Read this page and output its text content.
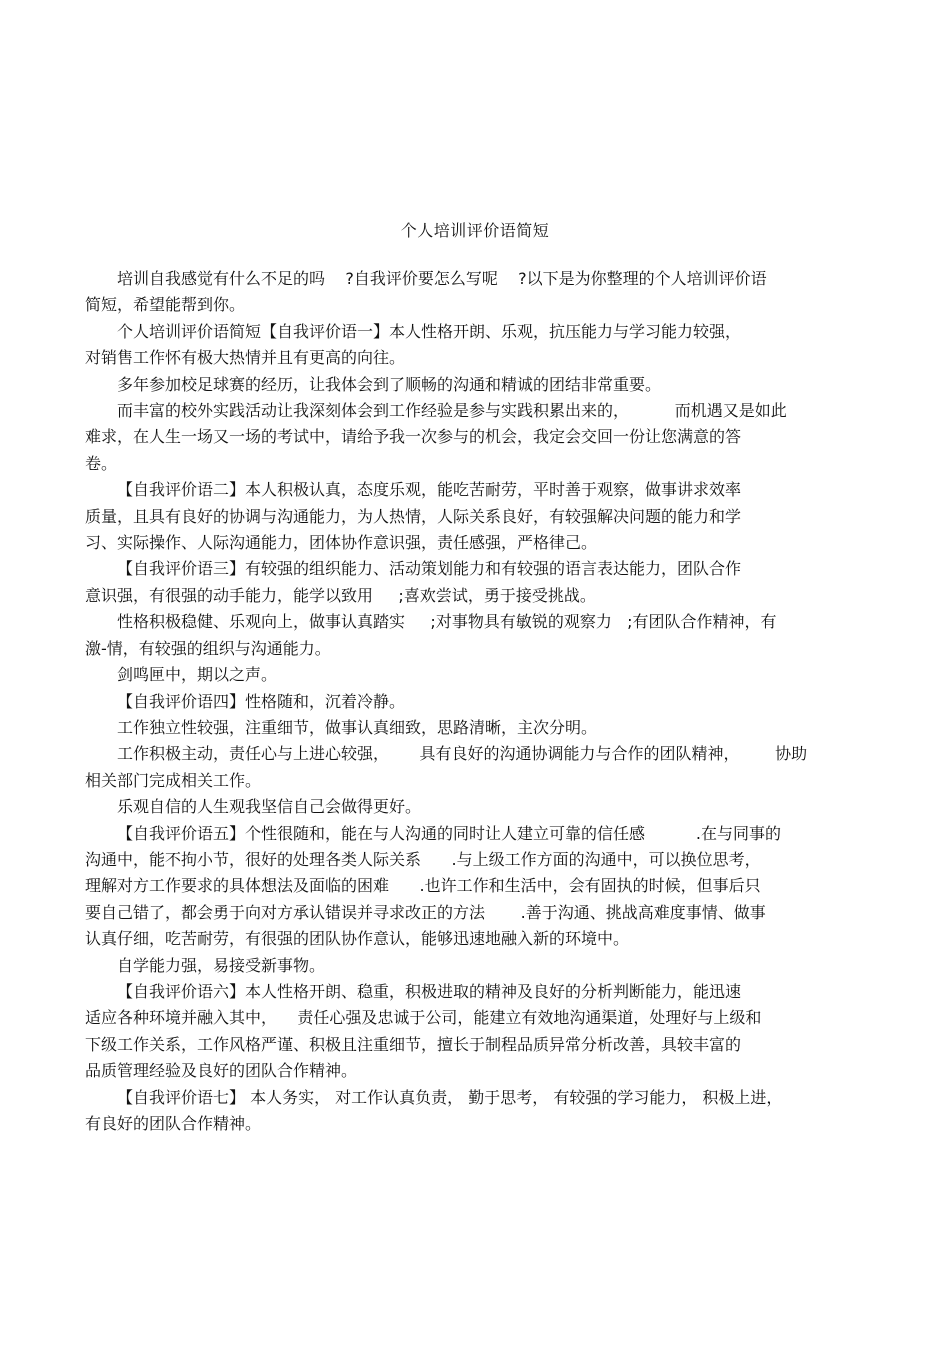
个人培训评价语简短

培训自我感觉有什么不足的吗    ?自我评价要怎么写呢    ?以下是为你整理的个人培训评价语
简短，希望能帮到你。

个人培训评价语简短【自我评价语一】本人性格开朗、乐观，抗压能力与学习能力较强，
对销售工作怀有极大热情并且有更高的向往。

多年参加校足球赛的经历，让我体会到了顺畅的沟通和精诚的团结非常重要。

而丰富的校外实践活动让我深刻体会到工作经验是参与实践积累出来的，         而机遇又是如此
难求，在人生一场又一场的考试中，请给予我一次参与的机会，我定会交回一份让您满意的答
卷。

【自我评价语二】本人积极认真，态度乐观，能吃苦耐劳，平时善于观察，做事讲求效率
质量，且具有良好的协调与沟通能力，为人热情，人际关系良好，有较强解决问题的能力和学
习、实际操作、人际沟通能力，团体协作意识强，责任感强，严格律己。

【自我评价语三】有较强的组织能力、活动策划能力和有较强的语言表达能力，团队合作
意识强，有很强的动手能力，能学以致用     ;喜欢尝试，勇于接受挑战。

性格积极稳健、乐观向上，做事认真踏实     ;对事物具有敏锐的观察力   ;有团队合作精神，有
激-情，有较强的组织与沟通能力。

剑鸣匣中，期以之声。

【自我评价语四】性格随和，沉着冷静。

工作独立性较强，注重细节，做事认真细致，思路清晰，主次分明。

工作积极主动，责任心与上进心较强，      具有良好的沟通协调能力与合作的团队精神，       协助
相关部门完成相关工作。

乐观自信的人生观我坚信自己会做得更好。

【自我评价语五】个性很随和，能在与人沟通的同时让人建立可靠的信任感          .在与同事的
沟通中，能不拘小节，很好的处理各类人际关系      .与上级工作方面的沟通中，可以换位思考，
理解对方工作要求的具体想法及面临的困难      .也许工作和生活中，会有固执的时候，但事后只
要自己错了，都会勇于向对方承认错误并寻求改正的方法       .善于沟通、挑战高难度事情、做事
认真仔细，吃苦耐劳，有很强的团队协作意认，能够迅速地融入新的环境中。

自学能力强，易接受新事物。

【自我评价语六】本人性格开朗、稳重，积极进取的精神及良好的分析判断能力，能迅速
适应各种环境并融入其中，    责任心强及忠诚于公司，能建立有效地沟通渠道，处理好与上级和
下级工作关系，工作风格严谨、积极且注重细节，擅长于制程品质异常分析改善，具较丰富的
品质管理经验及良好的团队合作精神。

【自我评价语七】 本人务实， 对工作认真负责， 勤于思考， 有较强的学习能力， 积极上进，
有良好的团队合作精神。
